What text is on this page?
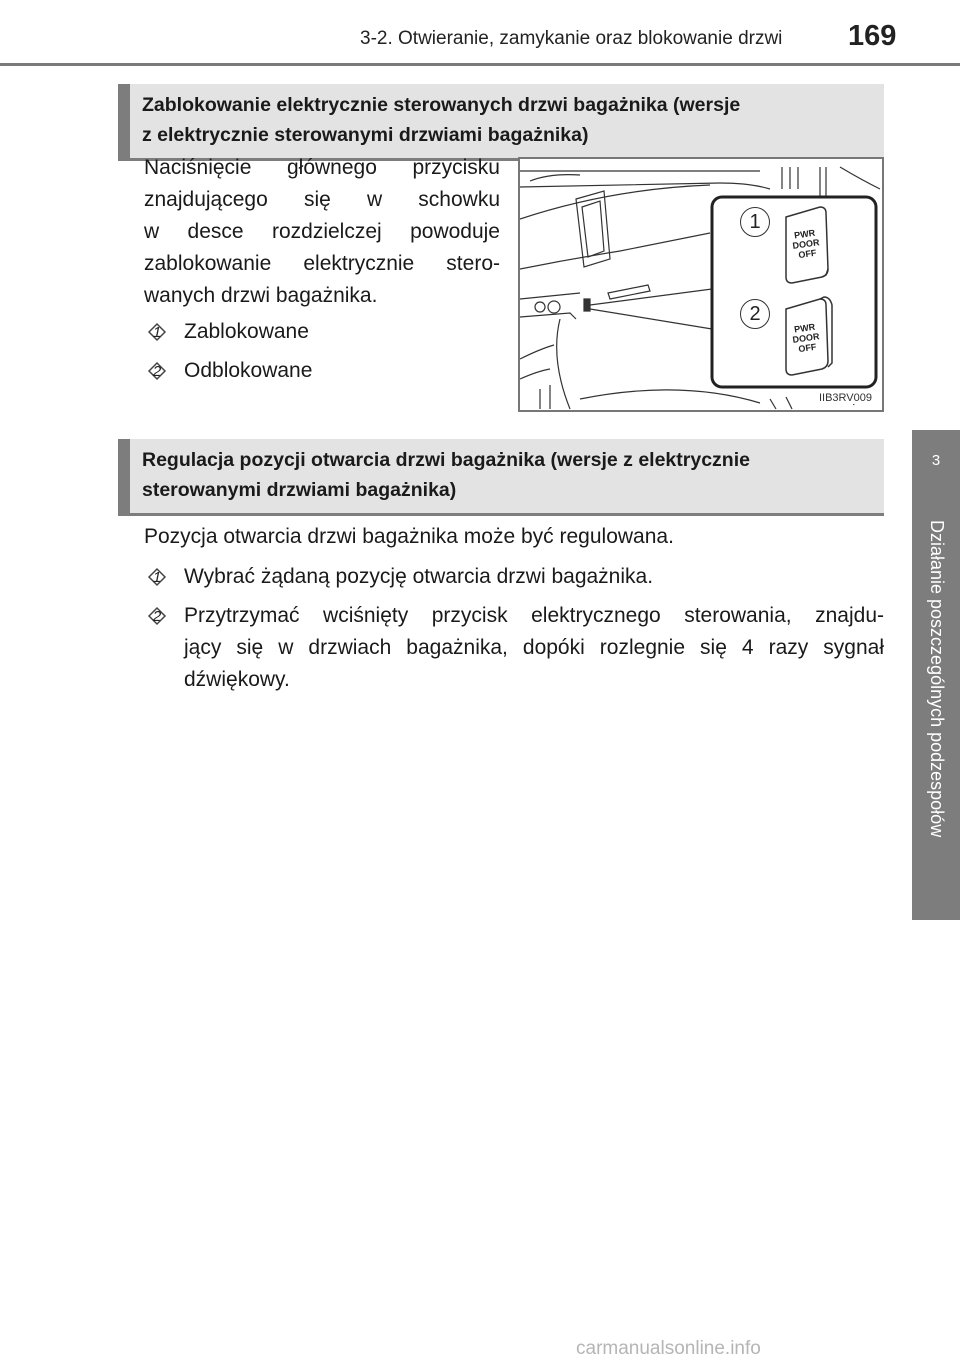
3-2. Otwieranie, zamykanie oraz blokowanie drzwi 169
3
Działanie poszczególnych podzespołów
Zablokowanie elektrycznie sterowanych drzwi bagażnika (wersje
z elektrycznie sterowanymi drzwiami bagażnika)
Naciśnięcie głównego przycisku
znajdującego się w schowku
w desce rozdzielczej powoduje
zablokowanie elektrycznie stero-
wanych drzwi bagażnika.
1 Zablokowane
2 Odblokowane
1
2
PWR
DOOR
OFF
PWR
DOOR
OFF
IIB3RV009
Regulacja pozycji otwarcia drzwi bagażnika (wersje z elektrycznie
sterowanymi drzwiami bagażnika)
Pozycja otwarcia drzwi bagażnika może być regulowana.
1 Wybrać żądaną pozycję otwarcia drzwi bagażnika.
2 Przytrzymać wciśnięty przycisk elektrycznego sterowania, znajdu-
jący się w drzwiach bagażnika, dopóki rozlegnie się 4 razy sygnał
dźwiękowy.
carmanualsonline.info
